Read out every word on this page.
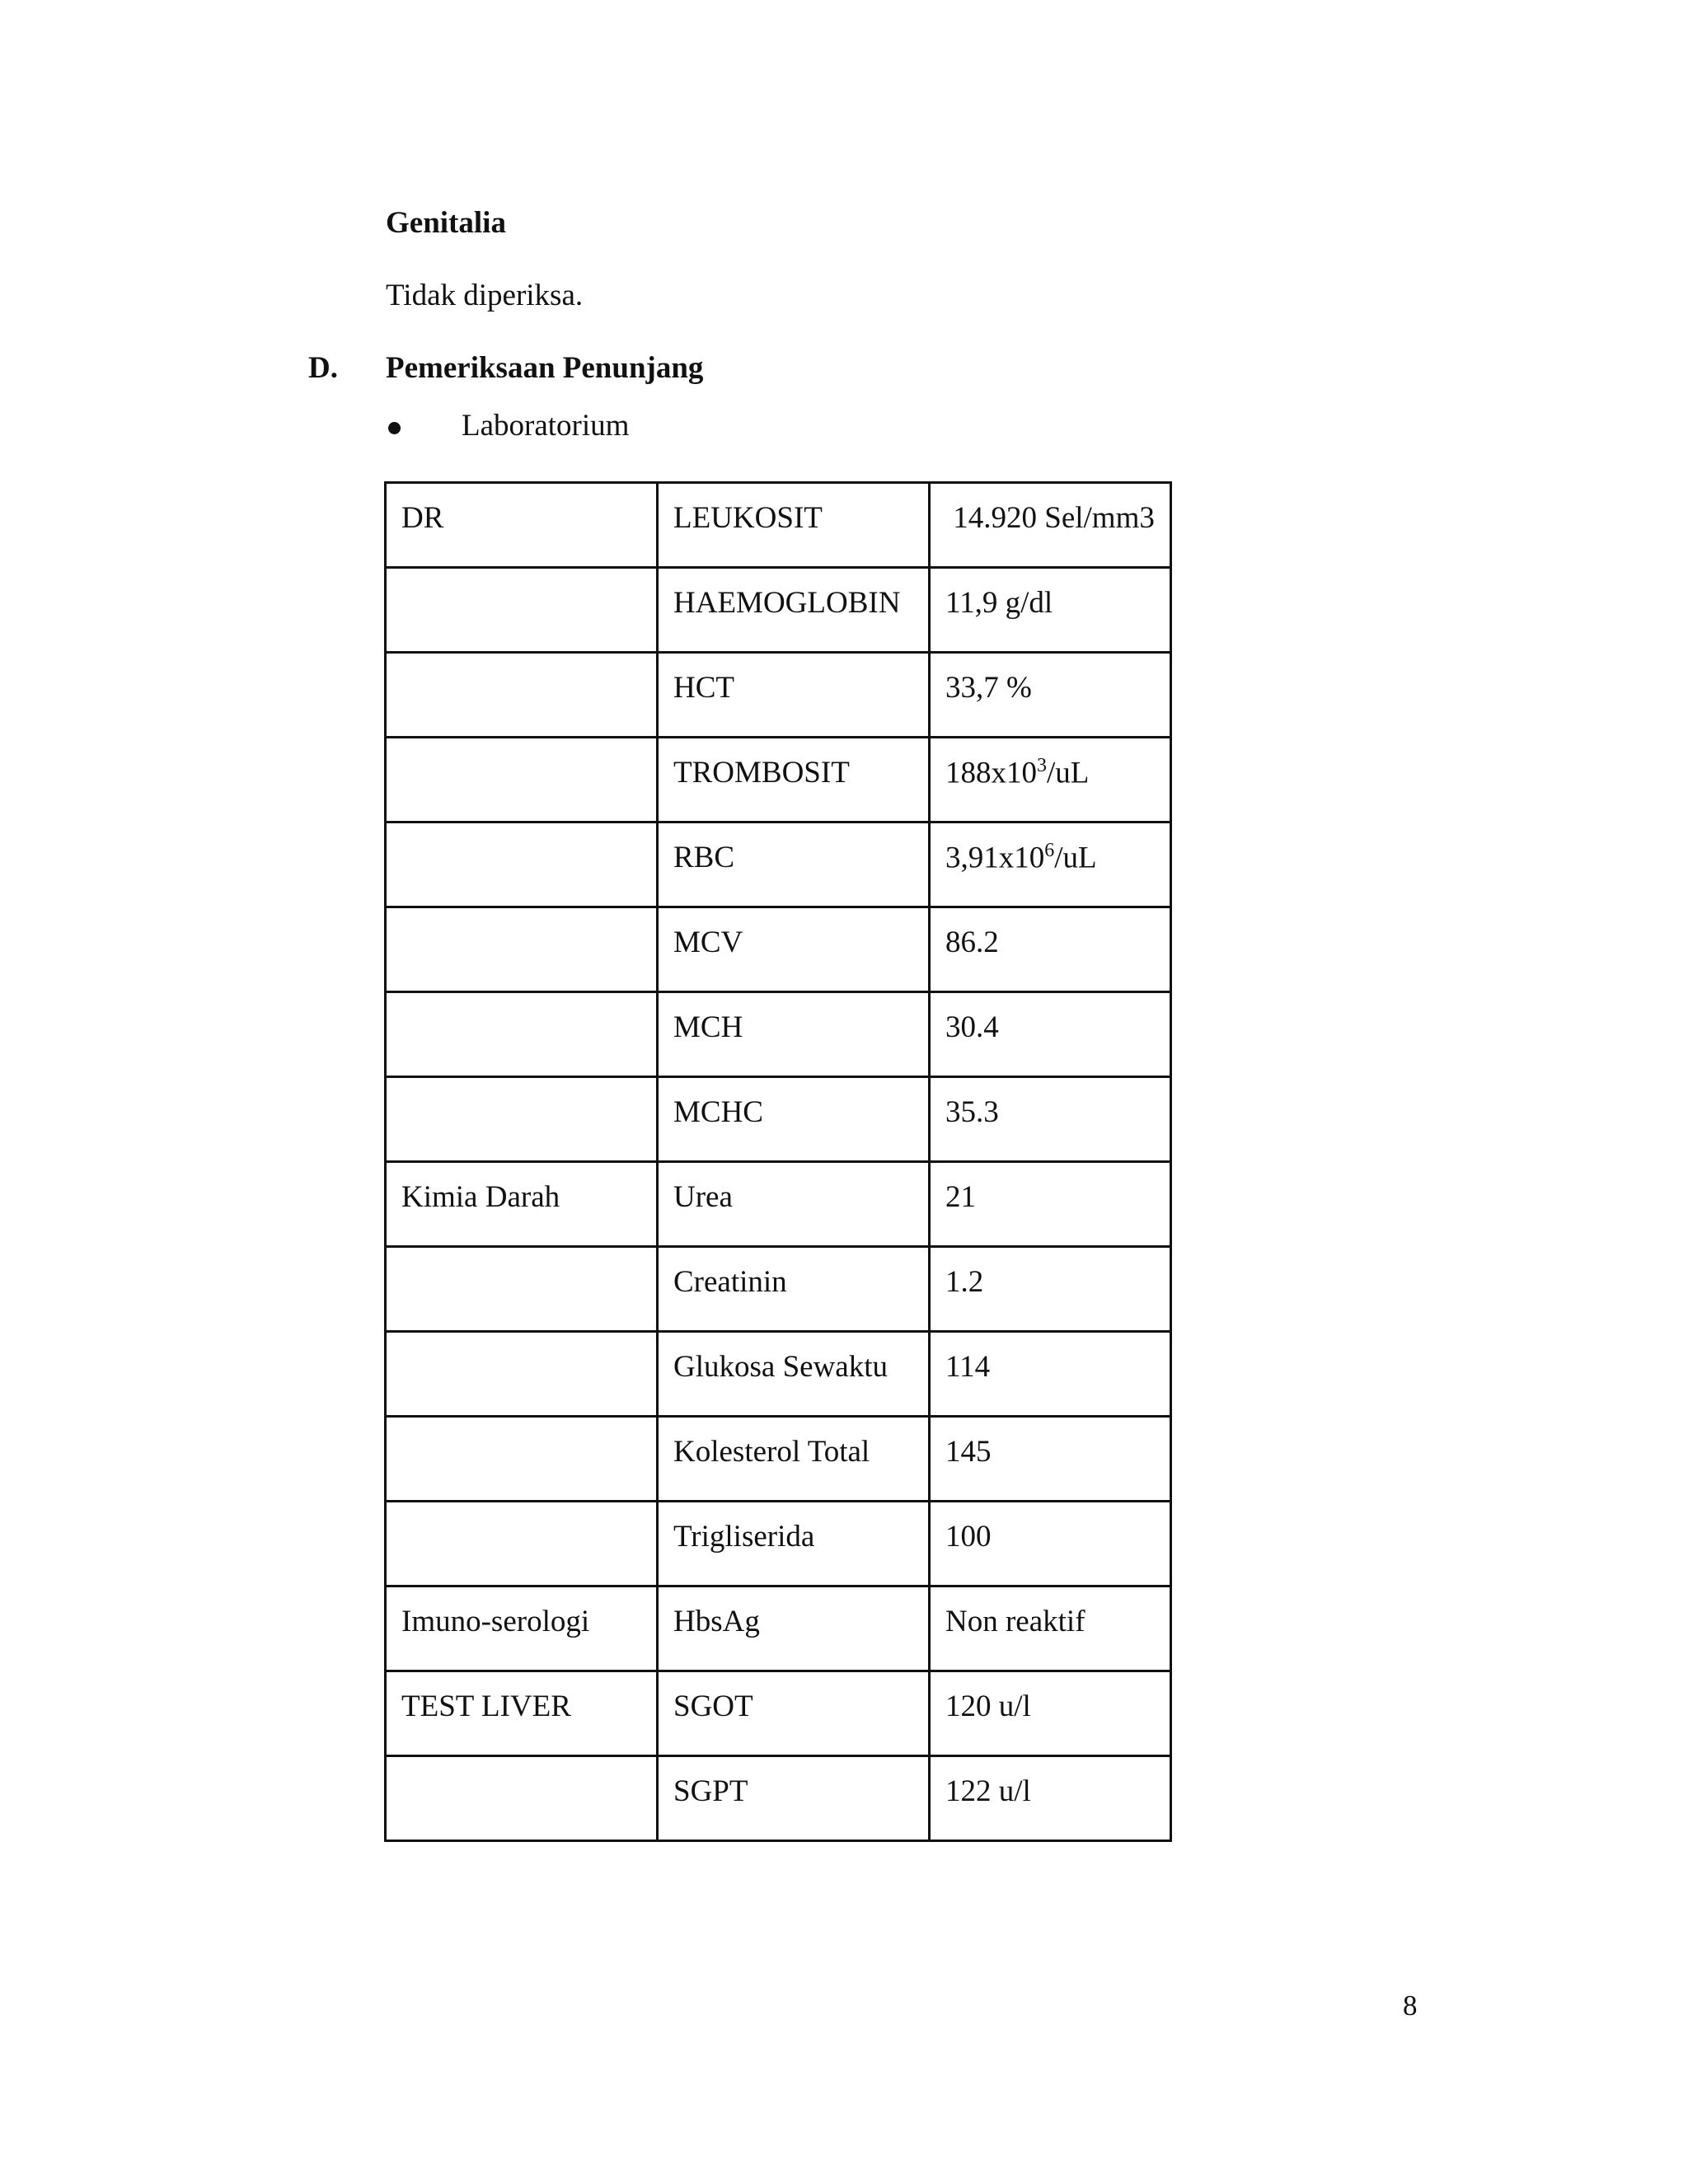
Genitalia
Tidak diperiksa.
D. Pemeriksaan Penunjang
Laboratorium
DR	LEUKOSIT	14.920 Sel/mm3
	HAEMOGLOBIN	11,9 g/dl
	HCT	33,7 %
	TROMBOSIT	$188x10^3/uL$
	RBC	$3,91x10^6/uL$
	MCV	86.2
	MCH	30.4
	MCHC	35.3
Kimia Darah	Urea	21
	Creatinin	1.2
	Glukosa Sewaktu	114
	Kolesterol Total	145
	Trigliserida	100
Imuno-serologi	HbsAg	Non reaktif
TEST LIVER	SGOT	120 u/l
	SGPT	122 u/l
8
